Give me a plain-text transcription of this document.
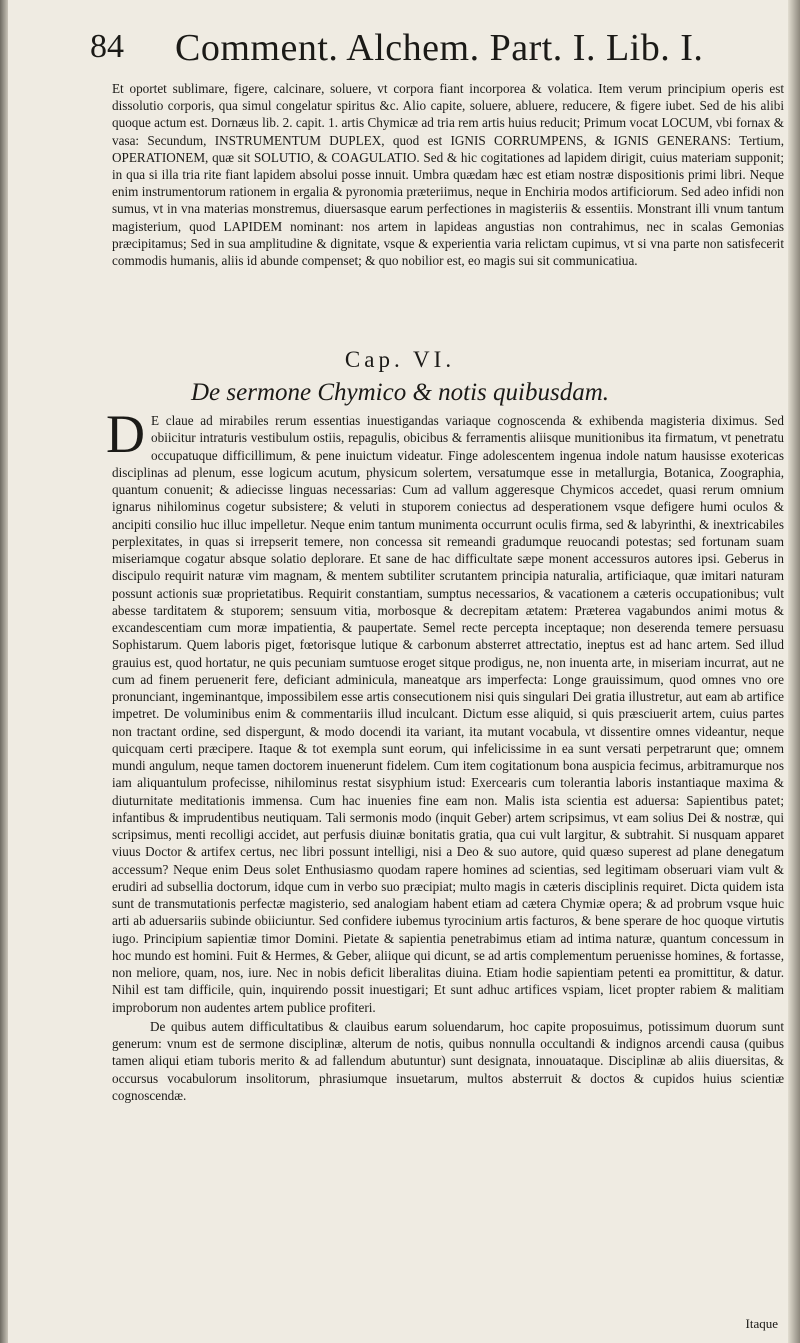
84 Comment. Alchem. Part. I. Lib. I.

Et oportet sublimare, figere, calcinare, soluere, vt corpora fiant incorporea & volatica. Item verum principium operis est dissolutio corporis, qua simul congelatur spiritus &c. Alio capite, soluere, abluere, reducere, & figere iubet. Sed de his alibi quoque actum est. Dornæus lib. 2. capit. 1. artis Chymicæ ad tria rem artis huius reducit; Primum vocat LOCUM, vbi fornax & vasa: Secundum, INSTRUMENTUM DUPLEX, quod est IGNIS CORRUMPENS, & IGNIS GENERANS: Tertium, OPERATIONEM, quæ sit SOLUTIO, & COAGULATIO. Sed & hic cogitationes ad lapidem dirigit, cuius materiam supponit; in qua si illa tria rite fiant lapidem absolui posse innuit. Umbra quædam hæc est etiam nostræ dispositionis primi libri. Neque enim instrumentorum rationem in ergalia & pyronomia præteriimus, neque in Enchiria modos artificiorum. Sed adeo infidi non sumus, vt in vna materias monstremus, diuersasque earum perfectiones in magisteriis & essentiis. Monstrant illi vnum tantum magisterium, quod LAPIDEM nominant: nos artem in lapideas angustias non contrahimus, nec in scalas Gemonias præcipitamus; Sed in sua amplitudine & dignitate, vsque & experientia varia relictam cupimus, vt si vna parte non satisfecerit commodis humanis, aliis id abunde compenset; & quo nobilior est, eo magis sui sit communicatiua.

Cap. VI.
De sermone Chymico & notis quibusdam.

D E claue ad mirabiles rerum essentias inuestigandas variaque cognoscenda & exhibenda magisteria diximus. Sed obiicitur intraturis vestibulum ostiis, repagulis, obicibus & ferramentis aliisque munitionibus ita firmatum, vt penetratu occupatuque difficillimum, & pene inuictum videatur. Finge adolescentem ingenua indole natum hausisse exotericas disciplinas ad plenum, esse logicum acutum, physicum solertem, versatumque esse in metallurgia, Botanica, Zoographia, quantum conuenit; & adiecisse linguas necessarias: Cum ad vallum aggeresque Chymicos accedet, quasi rerum omnium ignarus nihilominus cogetur subsistere; & veluti in stuporem coniectus ad desperationem vsque defigere humi oculos & ancipiti consilio huc illuc impelletur. Neque enim tantum munimenta occurrunt oculis firma, sed & labyrinthi, & inextricabiles perplexitates, in quas si irrepserit temere, non concessa sit remeandi gradumque reuocandi potestas; sed fortunam suam miseriamque cogatur absque solatio deplorare. Et sane de hac difficultate sæpe monent accessuros autores ipsi. Geberus in discipulo requirit naturæ vim magnam, & mentem subtiliter scrutantem principia naturalia, artificiaque, quæ imitari naturam possunt actionis suæ proprietatibus. Requirit constantiam, sumptus necessarios, & vacationem a cæteris occupationibus; vult abesse tarditatem & stuporem; sensuum vitia, morbosque & decrepitam ætatem: Præterea vagabundos animi motus & excandescentiam cum moræ impatientia, & paupertate. Semel recte percepta inceptaque; non deserenda temere persuasu Sophistarum. Quem laboris piget, fœtorisque lutique & carbonum absterret attrectatio, ineptus est ad hanc artem. Sed illud grauius est, quod hortatur, ne quis pecuniam sumtuose eroget sitque prodigus, ne, non inuenta arte, in miseriam incurrat, aut ne cum ad finem peruenerit fere, deficiant adminicula, maneatque ars imperfecta: Longe grauissimum, quod omnes vno ore pronunciant, ingeminantque, impossibilem esse artis consecutionem nisi quis singulari Dei gratia illustretur, aut eam ab artifice impetret. De voluminibus enim & commentariis illud inculcant. Dictum esse aliquid, si quis præsciuerit artem, cuius partes non tractant ordine, sed dispergunt, & modo docendi ita variant, ita mutant vocabula, vt dissentire omnes videantur, neque quicquam certi præcipere. Itaque & tot exempla sunt eorum, qui infelicissime in ea sunt versati perpetrarunt que; omnem mundi angulum, neque tamen doctorem inuenerunt fidelem. Cum item cogitationum bona auspicia fecimus, arbitramurque nos iam aliquantulum profecisse, nihilominus restat sisyphium istud: Exercearis cum tolerantia laboris instantiaque maxima & diuturnitate meditationis immensa. Cum hac inuenies fine eam non. Malis ista scientia est aduersa: Sapientibus patet; infantibus & imprudentibus neutiquam. Tali sermonis modo (inquit Geber) artem scripsimus, vt eam solius Dei & nostræ, qui scripsimus, menti recolligi accidet, aut perfusis diuinæ bonitatis gratia, qua cui vult largitur, & subtrahit. Si nusquam apparet viuus Doctor & artifex certus, nec libri possunt intelligi, nisi a Deo & suo autore, quid quæso superest ad plane denegatum accessum? Neque enim Deus solet Enthusiasmo quodam rapere homines ad scientias, sed legitimam obseruari viam vult & erudiri ad subsellia doctorum, idque cum in verbo suo præcipiat; multo magis in cæteris disciplinis requiret. Dicta quidem ista sunt de transmutationis perfectæ magisterio, sed analogiam habent etiam ad cætera Chymiæ opera; & ad probrum vsque huic arti ab aduersariis subinde obiiciuntur. Sed confidere iubemus tyrocinium artis facturos, & bene sperare de hoc quoque virtutis iugo. Principium sapientiæ timor Domini. Pietate & sapientia penetrabimus etiam ad intima naturæ, quantum concessum in hoc mundo est homini. Fuit & Hermes, & Geber, aliique qui dicunt, se ad artis complementum peruenisse homines, & fortasse, non meliore, quam, nos, iure. Nec in nobis deficit liberalitas diuina. Etiam hodie sapientiam petenti ea promittitur, & datur. Nihil est tam difficile, quin, inquirendo possit inuestigari; Et sunt adhuc artifices vspiam, licet propter rabiem & malitiam improborum non audentes artem publice profiteri.

De quibus autem difficultatibus & clauibus earum soluendarum, hoc capite proposuimus, potissimum duorum sunt generum: vnum est de sermone disciplinæ, alterum de notis, quibus nonnulla occultandi & indignos arcendi causa (quibus tamen aliqui etiam tuboris merito & ad fallendum abutuntur) sunt designata, innouataque. Disciplinæ ab aliis diuersitas, & occursus vocabulorum insolitorum, phrasiumque insuetarum, multos absterruit & doctos & cupidos huius scientiæ cognoscendæ.

Itaque
